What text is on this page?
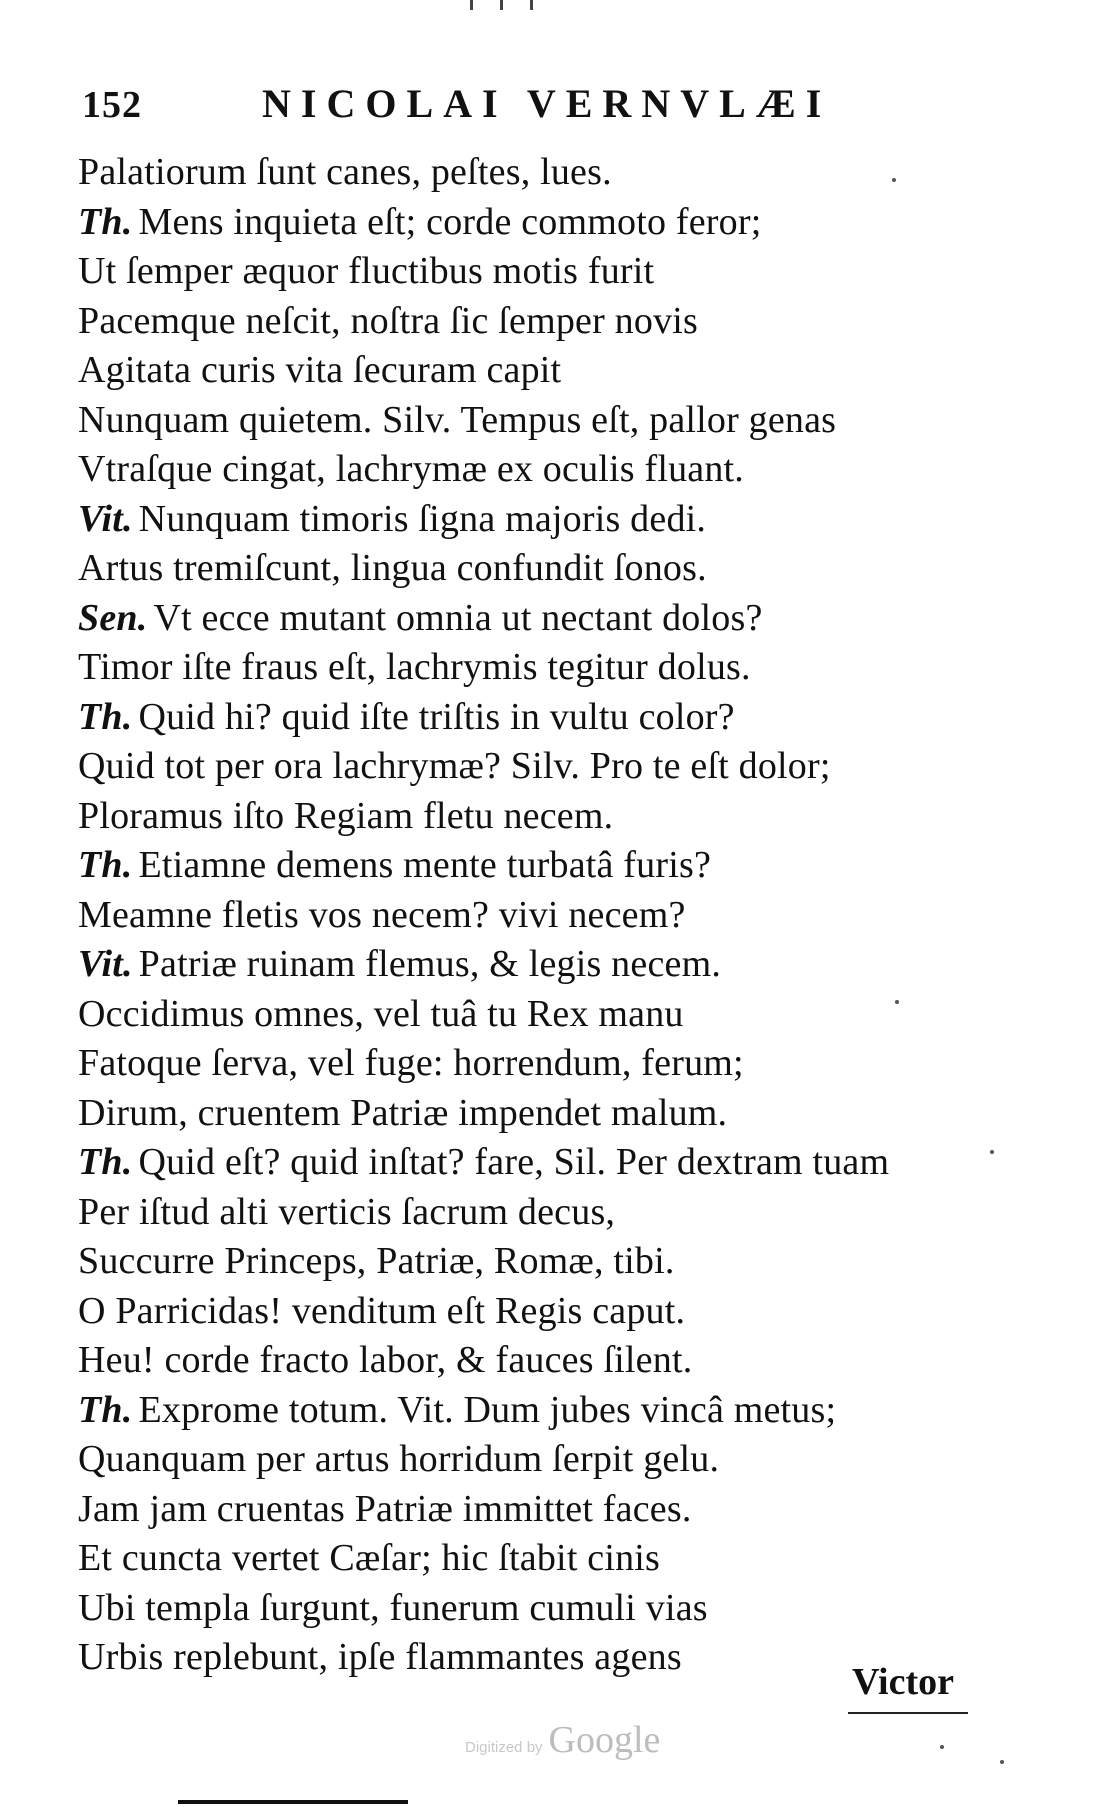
152	NICOLAI VERNVLÆI
Palatiorum ſunt canes, peſtes, lues.
Th. Mens inquieta eſt; corde commoto feror;
Ut ſemper æquor fluctibus motis furit
Pacemque neſcit, noſtra ſic ſemper novis
Agitata curis vita ſecuram capit
Nunquam quietem. Silv. Tempus eſt, pallor genas
Vtraſque cingat, lachrymæ ex oculis fluant.
Vit. Nunquam timoris ſigna majoris dedi.
Artus tremiſcunt, lingua confundit ſonos.
Sen. Vt ecce mutant omnia ut nectant dolos?
Timor iſte fraus eſt, lachrymis tegitur dolus.
Th. Quid hi? quid iſte triſtis in vultu color?
Quid tot per ora lachrymæ? Silv. Pro te eſt dolor;
Ploramus iſto Regiam fletu necem.
Th. Etiamne demens mente turbatâ furis?
Meamne fletis vos necem? vivi necem?
Vit. Patriæ ruinam flemus, & legis necem.
Occidimus omnes, vel tuâ tu Rex manu
Fatoque ſerva, vel fuge: horrendum, ferum;
Dirum, cruentem Patriæ impendet malum.
Th. Quid eſt? quid inſtat? fare, Sil. Per dextram tuam
Per iſtud alti verticis ſacrum decus,
Succurre Princeps, Patriæ, Romæ, tibi.
O Parricidas! venditum eſt Regis caput.
Heu! corde fracto labor, & fauces ſilent.
Th. Exprome totum. Vit. Dum jubes vincâ metus;
Quanquam per artus horridum ſerpit gelu.
Jam jam cruentas Patriæ immittet faces.
Et cuncta vertet Cæſar; hic ſtabit cinis
Ubi templa ſurgunt, funerum cumuli vias
Urbis replebunt, ipſe flammantes agens
Victor
Digitized by Google
